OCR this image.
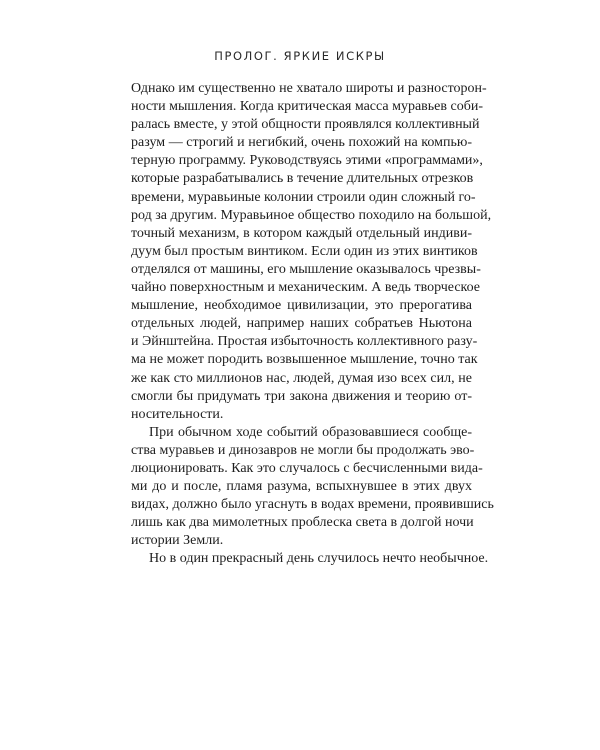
ПРОЛОГ. ЯРКИЕ ИСКРЫ
Однако им существенно не хватало широты и разносторон-
ности мышления. Когда критическая масса муравьев соби-
ралась вместе, у этой общности проявлялся коллективный
разум — строгий и негибкий, очень похожий на компью-
терную программу. Руководствуясь этими «программами»,
которые разрабатывались в течение длительных отрезков
времени, муравьиные колонии строили один сложный го-
род за другим. Муравьиное общество походило на большой,
точный механизм, в котором каждый отдельный индиви-
дуум был простым винтиком. Если один из этих винтиков
отделялся от машины, его мышление оказывалось чрезвы-
чайно поверхностным и механическим. А ведь творческое
мышление, необходимое цивилизации, это прерогатива
отдельных людей, например наших собратьев Ньютона
и Эйнштейна. Простая избыточность коллективного разу-
ма не может породить возвышенное мышление, точно так
же как сто миллионов нас, людей, думая изо всех сил, не
смогли бы придумать три закона движения и теорию от-
носительности.
При обычном ходе событий образовавшиеся сообще-
ства муравьев и динозавров не могли бы продолжать эво-
люционировать. Как это случалось с бесчисленными вида-
ми до и после, пламя разума, вспыхнувшее в этих двух
видах, должно было угаснуть в водах времени, проявившись
лишь как два мимолетных проблеска света в долгой ночи
истории Земли.
Но в один прекрасный день случилось нечто необычное.
